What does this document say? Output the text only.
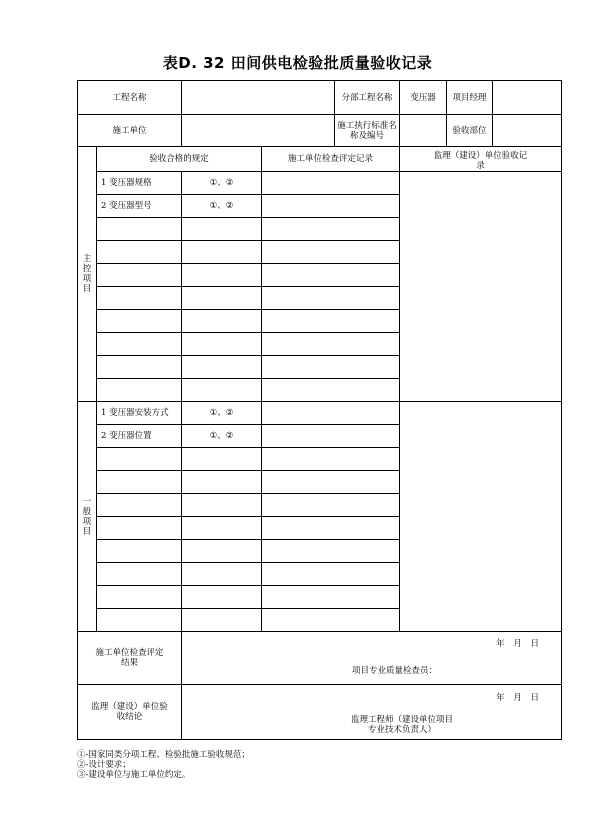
表D. 32 田间供电检验批质量验收记录
工程名称				分部工程名称	变压器	项目经理

施工单位				施工执行标准名称及编号		验收部位

主控项目	验收合格的规定		施工单位检查评定记录		监理（建设）单位验收记录	

	1 变压器规格	①、②				
	2 变压器型号	①、②				

一般项目	1 变压器安装方式	①、②				
	2 变压器位置	①、②				

施工单位检查评定结果		项目专业质量检查员：
年 月 日				

监理（建设）单位验收结论		监理工程师（建设单位项目专业技术负责人）
年 月 日				
①-国家同类分项工程、检验批施工验收规范；
②-设计要求；
③-建设单位与施工单位约定。
